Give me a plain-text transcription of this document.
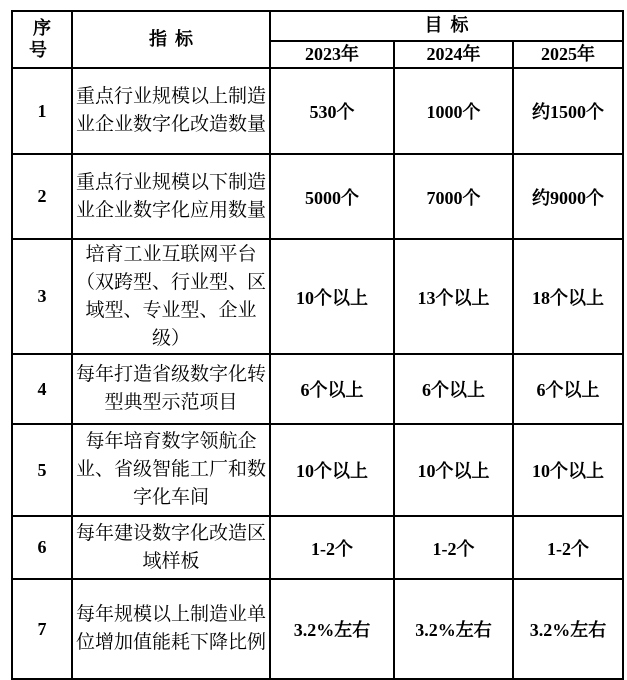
序号	指标	目标		
		2023年	2024年	2025年
1	重点行业规模以上制造业企业数字化改造数量	530个	1000个	约1500个
2	重点行业规模以下制造业企业数字化应用数量	5000个	7000个	约9000个
3	培育工业互联网平台（双跨型、行业型、区域型、专业型、企业级）	10个以上	13个以上	18个以上
4	每年打造省级数字化转型典型示范项目	6个以上	6个以上	6个以上
5	每年培育数字领航企业、省级智能工厂和数字化车间	10个以上	10个以上	10个以上
6	每年建设数字化改造区域样板	1-2个	1-2个	1-2个
7	每年规模以上制造业单位增加值能耗下降比例	3.2%左右	3.2%左右	3.2%左右
